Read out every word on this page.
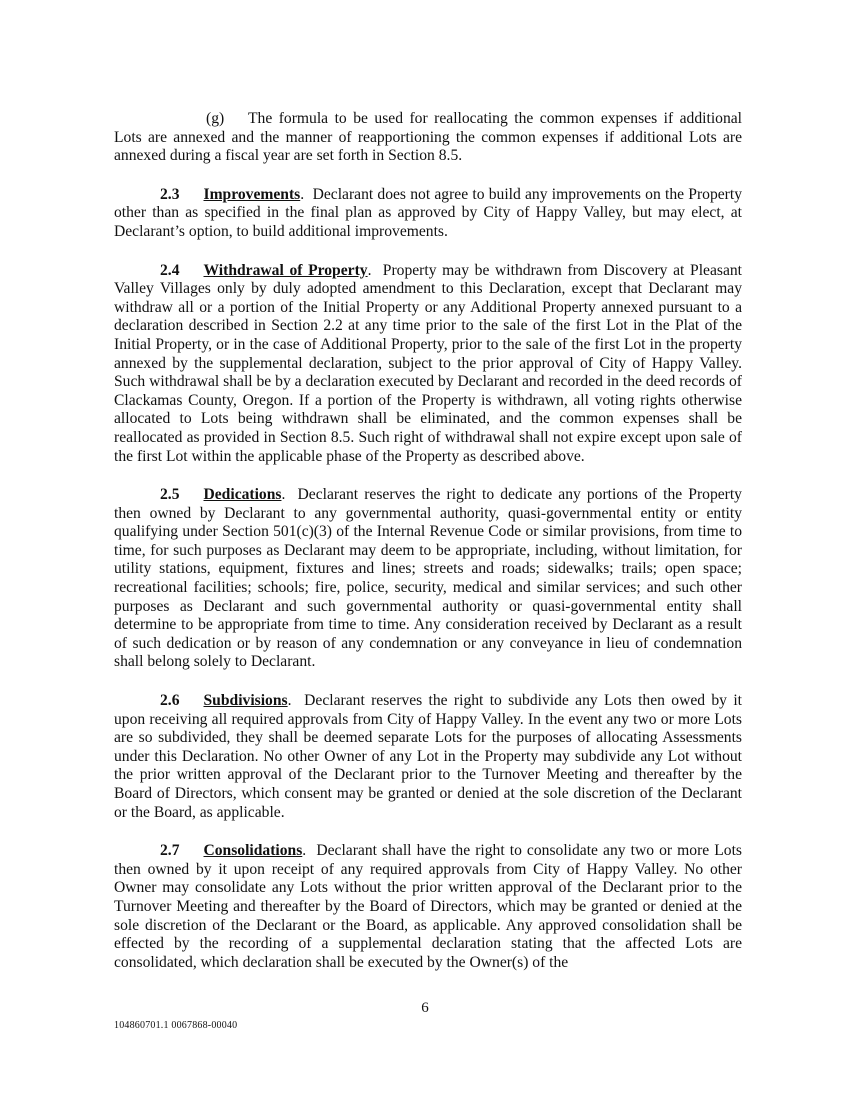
(g) The formula to be used for reallocating the common expenses if additional Lots are annexed and the manner of reapportioning the common expenses if additional Lots are annexed during a fiscal year are set forth in Section 8.5.

2.3 Improvements.  Declarant does not agree to build any improvements on the Property other than as specified in the final plan as approved by City of Happy Valley, but may elect, at Declarant’s option, to build additional improvements.

2.4 Withdrawal of Property.  Property may be withdrawn from Discovery at Pleasant Valley Villages only by duly adopted amendment to this Declaration, except that Declarant may withdraw all or a portion of the Initial Property or any Additional Property annexed pursuant to a declaration described in Section 2.2 at any time prior to the sale of the first Lot in the Plat of the Initial Property, or in the case of Additional Property, prior to the sale of the first Lot in the property annexed by the supplemental declaration, subject to the prior approval of City of Happy Valley. Such withdrawal shall be by a declaration executed by Declarant and recorded in the deed records of Clackamas County, Oregon. If a portion of the Property is withdrawn, all voting rights otherwise allocated to Lots being withdrawn shall be eliminated, and the common expenses shall be reallocated as provided in Section 8.5. Such right of withdrawal shall not expire except upon sale of the first Lot within the applicable phase of the Property as described above.

2.5 Dedications.  Declarant reserves the right to dedicate any portions of the Property then owned by Declarant to any governmental authority, quasi-governmental entity or entity qualifying under Section 501(c)(3) of the Internal Revenue Code or similar provisions, from time to time, for such purposes as Declarant may deem to be appropriate, including, without limitation, for utility stations, equipment, fixtures and lines; streets and roads; sidewalks; trails; open space; recreational facilities; schools; fire, police, security, medical and similar services; and such other purposes as Declarant and such governmental authority or quasi-governmental entity shall determine to be appropriate from time to time. Any consideration received by Declarant as a result of such dedication or by reason of any condemnation or any conveyance in lieu of condemnation shall belong solely to Declarant.

2.6 Subdivisions.  Declarant reserves the right to subdivide any Lots then owed by it upon receiving all required approvals from City of Happy Valley. In the event any two or more Lots are so subdivided, they shall be deemed separate Lots for the purposes of allocating Assessments under this Declaration. No other Owner of any Lot in the Property may subdivide any Lot without the prior written approval of the Declarant prior to the Turnover Meeting and thereafter by the Board of Directors, which consent may be granted or denied at the sole discretion of the Declarant or the Board, as applicable.

2.7 Consolidations.  Declarant shall have the right to consolidate any two or more Lots then owned by it upon receipt of any required approvals from City of Happy Valley. No other Owner may consolidate any Lots without the prior written approval of the Declarant prior to the Turnover Meeting and thereafter by the Board of Directors, which may be granted or denied at the sole discretion of the Declarant or the Board, as applicable. Any approved consolidation shall be effected by the recording of a supplemental declaration stating that the affected Lots are consolidated, which declaration shall be executed by the Owner(s) of the

6
104860701.1 0067868-00040
